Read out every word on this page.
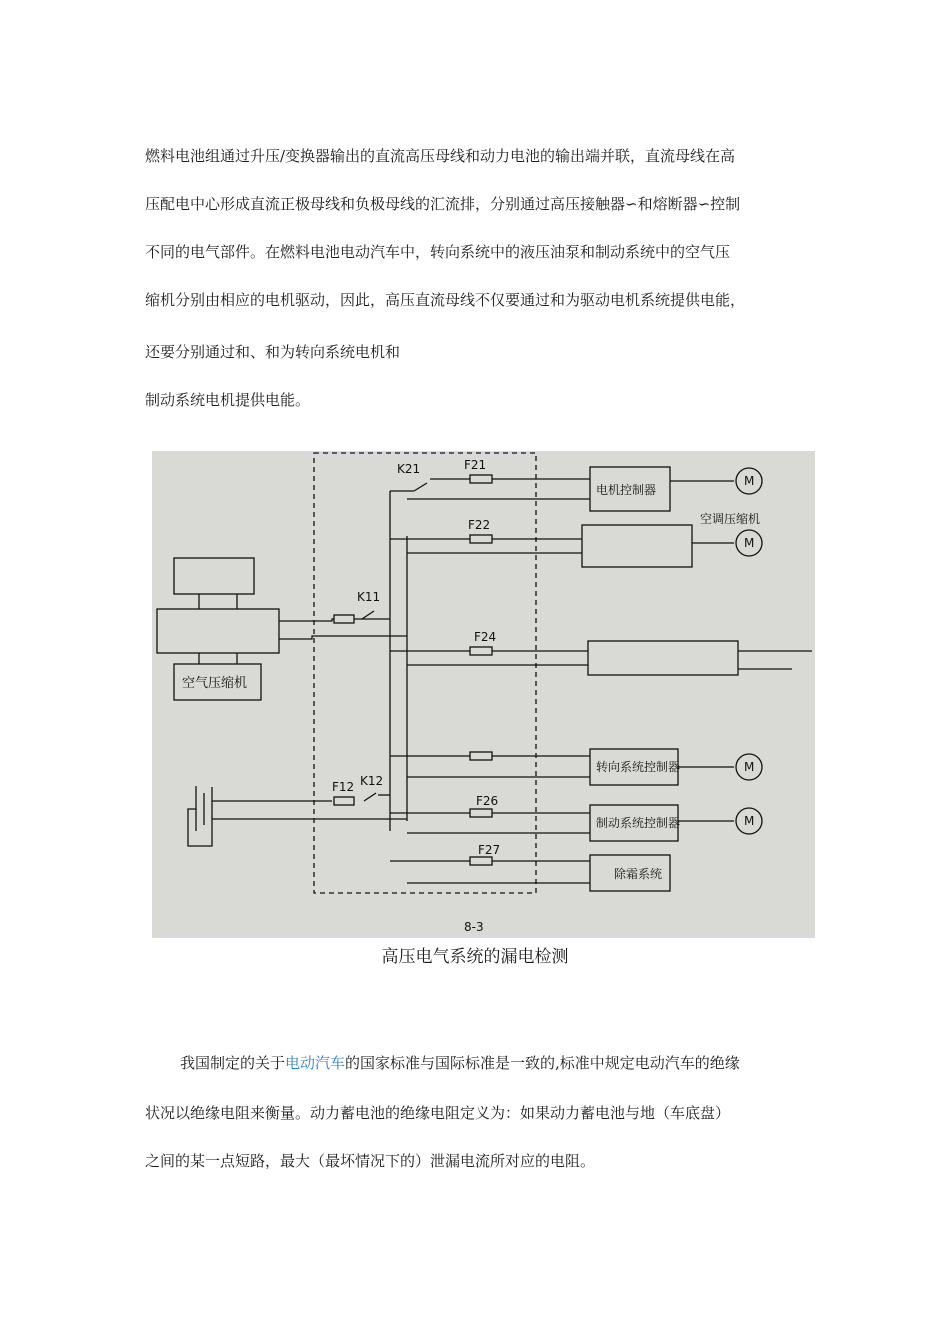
燃料电池组通过升压/变换器输出的直流高压母线和动力电池的输出端并联，直流母线在高
压配电中心形成直流正极母线和负极母线的汇流排，分别通过高压接触器∽和熔断器∽控制
不同的电气部件。在燃料电池电动汽车中，转向系统中的液压油泵和制动系统中的空气压
缩机分别由相应的电机驱动，因此，高压直流母线不仅要通过和为驱动电机系统提供电能，
还要分别通过和、和为转向系统电机和
制动系统电机提供电能。
K21	F21
F22
K11
F24
K12
F12
F26
F27
电机控制器
空调压缩机
空气压缩机
转向系统控制器
制动系统控制器
除霜系统
8-3
M
M
M
M
高压电气系统的漏电检测
我国制定的关于电动汽车的国家标准与国际标准是一致的,标准中规定电动汽车的绝缘
状况以绝缘电阻来衡量。动力蓄电池的绝缘电阻定义为：如果动力蓄电池与地（车底盘）
之间的某一点短路，最大（最坏情况下的）泄漏电流所对应的电阻。
